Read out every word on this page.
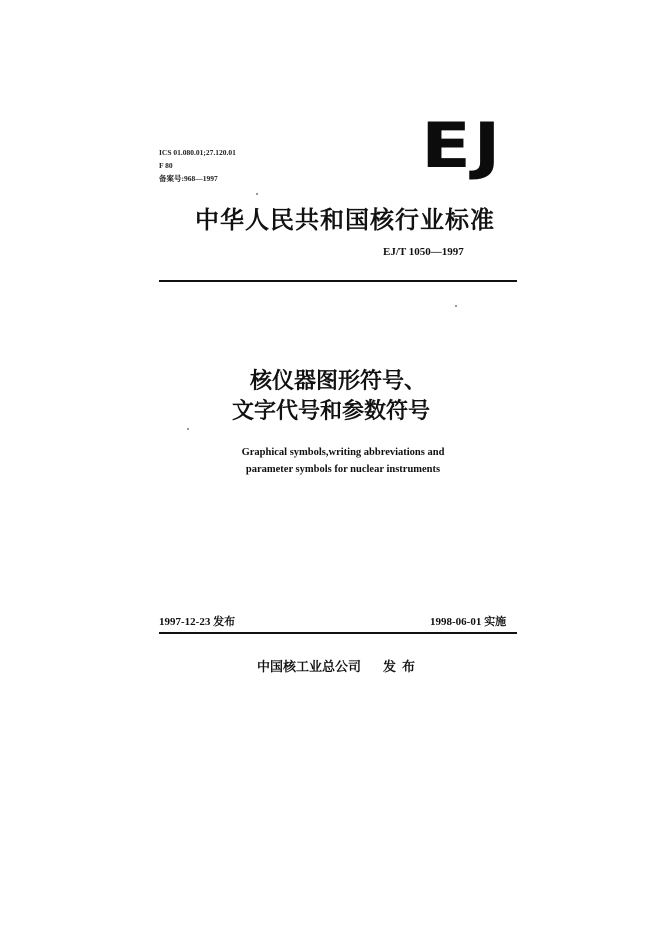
ICS 01.080.01;27.120.01
F 80
备案号:968—1997	EJ
中华人民共和国核行业标准
EJ/T 1050—1997
核仪器图形符号、
文字代号和参数符号
Graphical symbols,writing abbreviations and
parameter symbols for nuclear instruments
1997-12-23 发布	1998-06-01 实施
中国核工业总公司 发布
